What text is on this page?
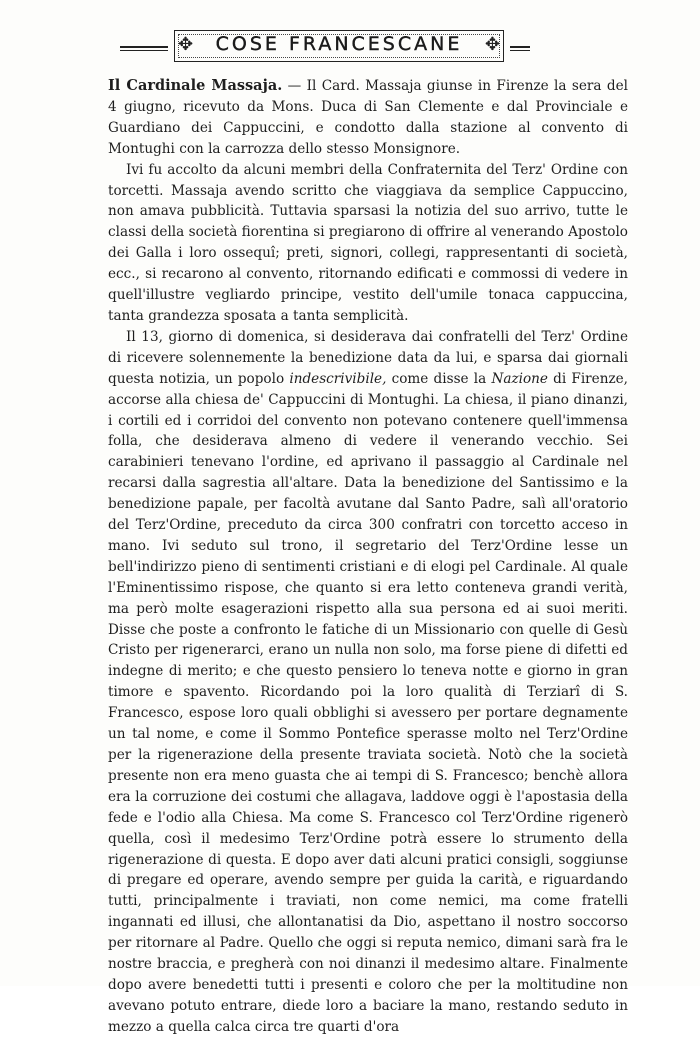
✥	✥
COSE FRANCESCANE

Il Cardinale Massaja. — Il Card. Massaja giunse in Firenze la sera del 4 giugno, ricevuto da Mons. Duca di San Clemente e dal Provinciale e Guardiano dei Cappuccini, e condotto dalla stazione al convento di Montughi con la carrozza dello stesso Monsignore.

Ivi fu accolto da alcuni membri della Confraternita del Terz' Ordine con torcetti. Massaja avendo scritto che viaggiava da semplice Cappuccino, non amava pubblicità. Tuttavia sparsasi la notizia del suo arrivo, tutte le classi della società fiorentina si pregiarono di offrire al venerando Apostolo dei Galla i loro ossequî; preti, signori, collegi, rappresentanti di società, ecc., si recarono al convento, ritornando edificati e commossi di vedere in quell'illustre vegliardo principe, vestito dell'umile tonaca cappuccina, tanta grandezza sposata a tanta semplicità.

Il 13, giorno di domenica, si desiderava dai confratelli del Terz' Ordine di ricevere solennemente la benedizione data da lui, e sparsa dai giornali questa notizia, un popolo indescrivibile, come disse la Nazione di Firenze, accorse alla chiesa de' Cappuccini di Montughi. La chiesa, il piano dinanzi, i cortili ed i corridoi del convento non potevano contenere quell'immensa folla, che desiderava almeno di vedere il venerando vecchio. Sei carabinieri tenevano l'ordine, ed aprivano il passaggio al Cardinale nel recarsi dalla sagrestia all'altare. Data la benedizione del Santissimo e la benedizione papale, per facoltà avutane dal Santo Padre, salì all'oratorio del Terz'Ordine, preceduto da circa 300 confratri con torcetto acceso in mano. Ivi seduto sul trono, il segretario del Terz'Ordine lesse un bell'indirizzo pieno di sentimenti cristiani e di elogi pel Cardinale. Al quale l'Eminentissimo rispose, che quanto si era letto conteneva grandi verità, ma però molte esagerazioni rispetto alla sua persona ed ai suoi meriti. Disse che poste a confronto le fatiche di un Missionario con quelle di Gesù Cristo per rigenerarci, erano un nulla non solo, ma forse piene di difetti ed indegne di merito; e che questo pensiero lo teneva notte e giorno in gran timore e spavento. Ricordando poi la loro qualità di Terziarî di S. Francesco, espose loro quali obblighi si avessero per portare degnamente un tal nome, e come il Sommo Pontefice sperasse molto nel Terz'Ordine per la rigenerazione della presente traviata società. Notò che la società presente non era meno guasta che ai tempi di S. Francesco; benchè allora era la corruzione dei costumi che allagava, laddove oggi è l'apostasia della fede e l'odio alla Chiesa. Ma come S. Francesco col Terz'Ordine rigenerò quella, così il medesimo Terz'Ordine potrà essere lo strumento della rigenerazione di questa. E dopo aver dati alcuni pratici consigli, soggiunse di pregare ed operare, avendo sempre per guida la carità, e riguardando tutti, principalmente i traviati, non come nemici, ma come fratelli ingannati ed illusi, che allontanatisi da Dio, aspettano il nostro soccorso per ritornare al Padre. Quello che oggi si reputa nemico, dimani sarà fra le nostre braccia, e pregherà con noi dinanzi il medesimo altare. Finalmente dopo avere benedetti tutti i presenti e coloro che per la moltitudine non avevano potuto entrare, diede loro a baciare la mano, restando seduto in mezzo a quella calca circa tre quarti d'ora
